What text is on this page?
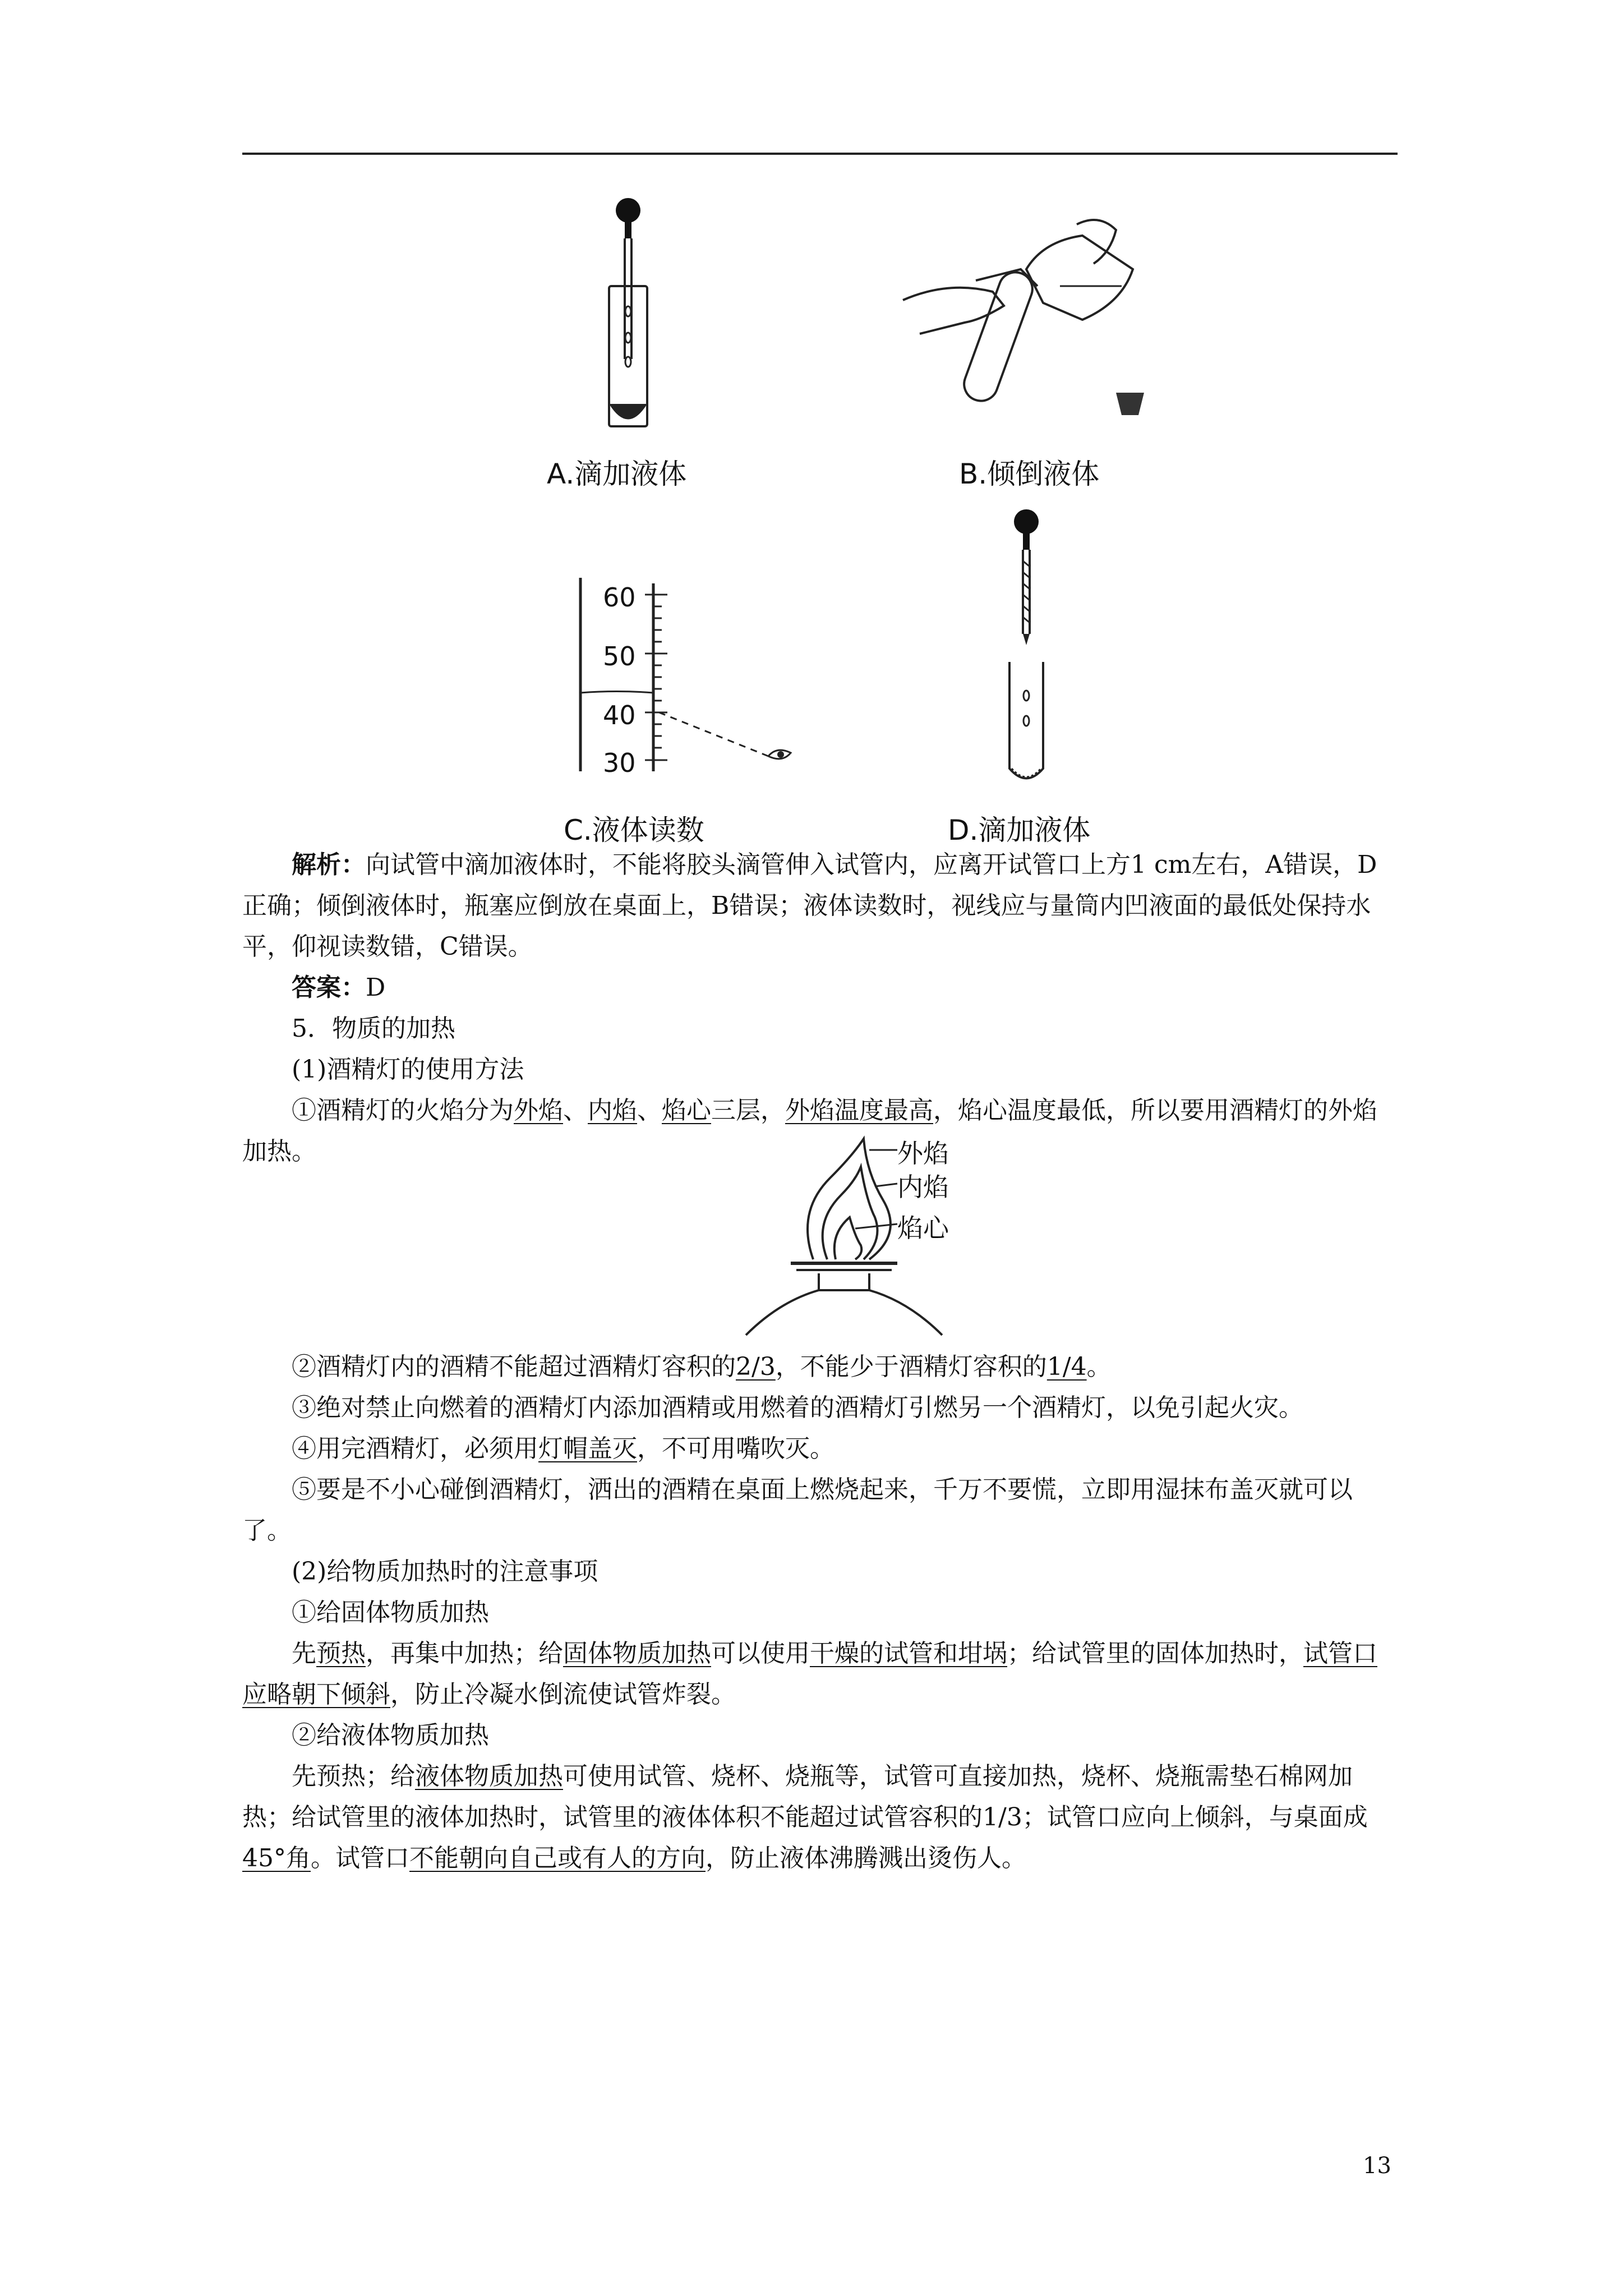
A.滴加液体	B.倾倒液体
60
50
40
30
C.液体读数	D.滴加液体

解析：向试管中滴加液体时，不能将胶头滴管伸入试管内，应离开试管口上方1 cm左右，A错误，D正确；倾倒液体时，瓶塞应倒放在桌面上，B错误；液体读数时，视线应与量筒内凹液面的最低处保持水平，仰视读数错，C错误。

答案：D

5．物质的加热

(1)酒精灯的使用方法

①酒精灯的火焰分为外焰、内焰、焰心三层，外焰温度最高，焰心温度最低，所以要用酒精灯的外焰加热。	外焰
内焰
焰心

②酒精灯内的酒精不能超过酒精灯容积的2/3，不能少于酒精灯容积的1/4。

③绝对禁止向燃着的酒精灯内添加酒精或用燃着的酒精灯引燃另一个酒精灯，以免引起火灾。

④用完酒精灯，必须用灯帽盖灭，不可用嘴吹灭。

⑤要是不小心碰倒酒精灯，洒出的酒精在桌面上燃烧起来，千万不要慌，立即用湿抹布盖灭就可以了。

(2)给物质加热时的注意事项

①给固体物质加热

先预热，再集中加热；给固体物质加热可以使用干燥的试管和坩埚；给试管里的固体加热时，试管口应略朝下倾斜，防止冷凝水倒流使试管炸裂。

②给液体物质加热

先预热；给液体物质加热可使用试管、烧杯、烧瓶等，试管可直接加热，烧杯、烧瓶需垫石棉网加热；给试管里的液体加热时，试管里的液体体积不能超过试管容积的1/3；试管口应向上倾斜，与桌面成45°角。试管口不能朝向自己或有人的方向，防止液体沸腾溅出烫伤人。

13
